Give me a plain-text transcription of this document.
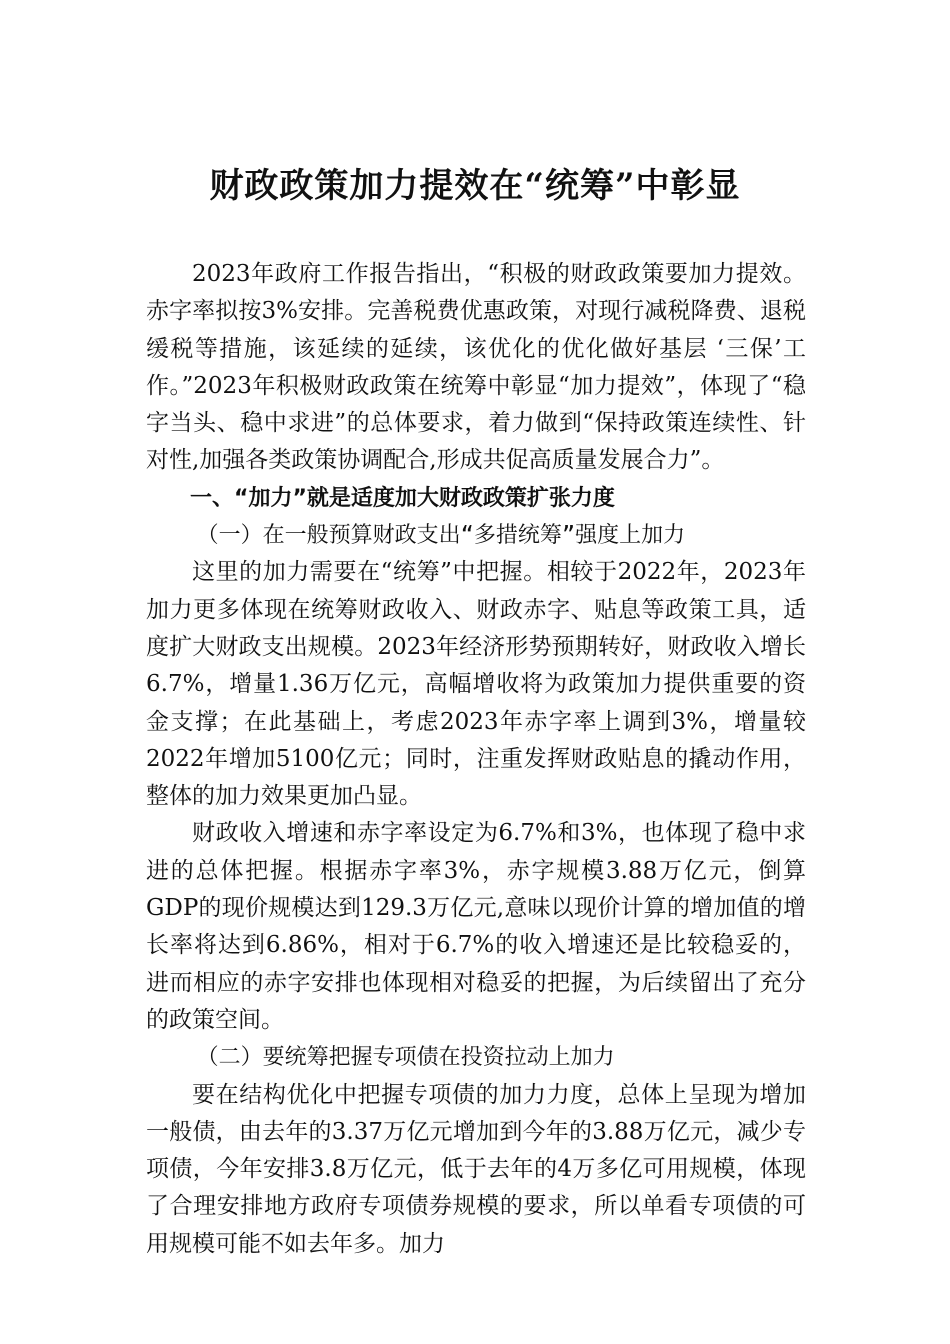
财政政策加力提效在“统筹”中彰显

2023年政府工作报告指出，“积极的财政政策要加力提效。赤字率拟按3%安排。完善税费优惠政策，对现行减税降费、退税缓税等措施，该延续的延续，该优化的优化做好基层 ‘三保’工作。”2023年积极财政政策在统筹中彰显“加力提效”，体现了“稳字当头、稳中求进”的总体要求，着力做到“保持政策连续性、针对性,加强各类政策协调配合,形成共促高质量发展合力”。

一、“加力”就是适度加大财政政策扩张力度

（一）在一般预算财政支出“多措统筹”强度上加力

这里的加力需要在“统筹”中把握。相较于2022年，2023年加力更多体现在统筹财政收入、财政赤字、贴息等政策工具，适度扩大财政支出规模。2023年经济形势预期转好，财政收入增长6.7%，增量1.36万亿元，高幅增收将为政策加力提供重要的资金支撑；在此基础上，考虑2023年赤字率上调到3%，增量较2022年增加5100亿元；同时，注重发挥财政贴息的撬动作用，整体的加力效果更加凸显。

财政收入增速和赤字率设定为6.7%和3%，也体现了稳中求进的总体把握。根据赤字率3%，赤字规模3.88万亿元，倒算GDP的现价规模达到129.3万亿元,意味以现价计算的增加值的增长率将达到6.86%，相对于6.7%的收入增速还是比较稳妥的，进而相应的赤字安排也体现相对稳妥的把握，为后续留出了充分的政策空间。

（二）要统筹把握专项债在投资拉动上加力

要在结构优化中把握专项债的加力力度，总体上呈现为增加一般债，由去年的3.37万亿元增加到今年的3.88万亿元，减少专项债，今年安排3.8万亿元，低于去年的4万多亿可用规模，体现了合理安排地方政府专项债券规模的要求，所以单看专项债的可用规模可能不如去年多。加力
